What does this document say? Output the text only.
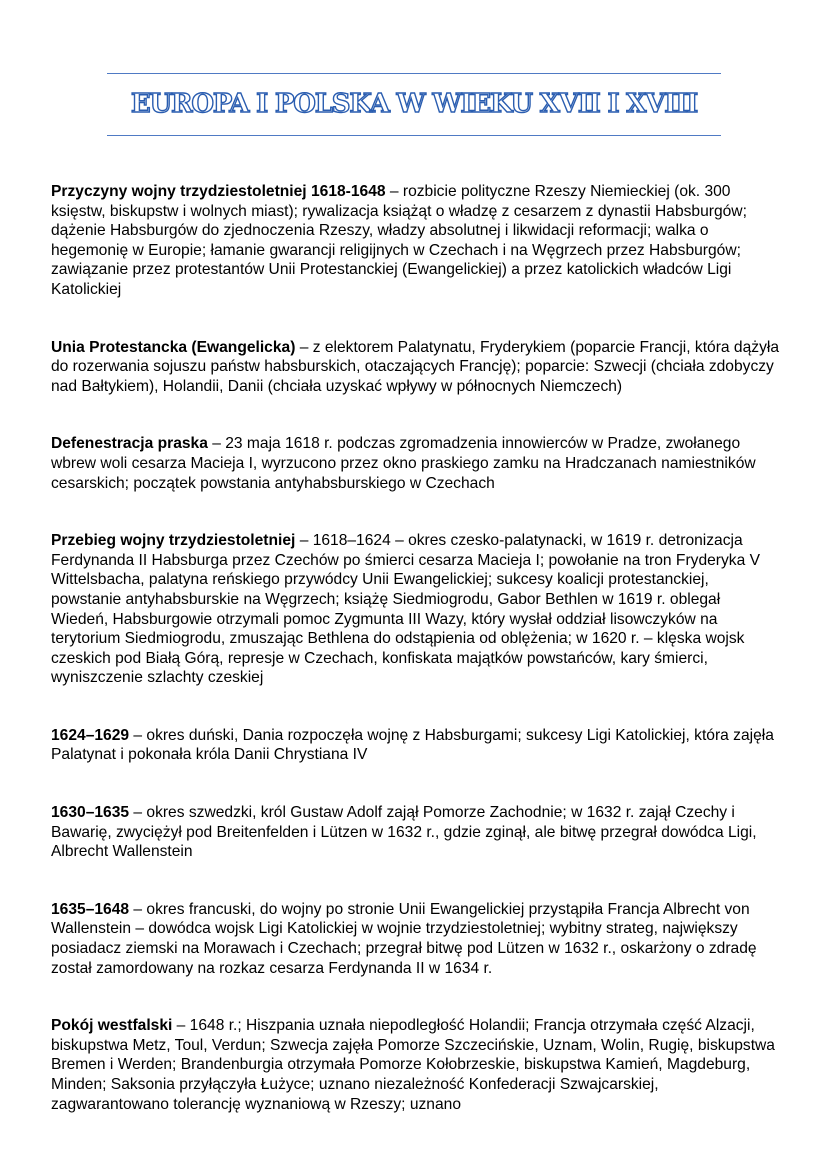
EUROPA I POLSKA W WIEKU XVII I XVIII

Przyczyny wojny trzydziestoletniej 1618-1648 – rozbicie polityczne Rzeszy Niemieckiej (ok. 300 księstw, biskupstw i wolnych miast); rywalizacja książąt o władzę z cesarzem z dynastii Habsburgów; dążenie Habsburgów do zjednoczenia Rzeszy, władzy absolutnej i likwidacji reformacji; walka o hegemonię w Europie; łamanie gwarancji religijnych w Czechach i na Węgrzech przez Habsburgów; zawiązanie przez protestantów Unii Protestanckiej (Ewangelickiej) a przez katolickich władców Ligi Katolickiej

Unia Protestancka (Ewangelicka) – z elektorem Palatynatu, Fryderykiem (poparcie Francji, która dążyła do rozerwania sojuszu państw habsburskich, otaczających Francję); poparcie: Szwecji (chciała zdobyczy nad Bałtykiem), Holandii, Danii (chciała uzyskać wpływy w północnych Niemczech)

Defenestracja praska – 23 maja 1618 r. podczas zgromadzenia innowierców w Pradze, zwołanego wbrew woli cesarza Macieja I, wyrzucono przez okno praskiego zamku na Hradczanach namiestników cesarskich; początek powstania antyhabsburskiego w Czechach

Przebieg wojny trzydziestoletniej – 1618–1624 – okres czesko-palatynacki, w 1619 r. detronizacja Ferdynanda II Habsburga przez Czechów po śmierci cesarza Macieja I; powołanie na tron Fryderyka V Wittelsbacha, palatyna reńskiego przywódcy Unii Ewangelickiej; sukcesy koalicji protestanckiej, powstanie antyhabsburskie na Węgrzech; książę Siedmiogrodu, Gabor Bethlen w 1619 r. oblegał Wiedeń, Habsburgowie otrzymali pomoc Zygmunta III Wazy, który wysłał oddział lisowczyków na terytorium Siedmiogrodu, zmuszając Bethlena do odstąpienia od oblężenia; w 1620 r. – klęska wojsk czeskich pod Białą Górą, represje w Czechach, konfiskata majątków powstańców, kary śmierci, wyniszczenie szlachty czeskiej

1624–1629 – okres duński, Dania rozpoczęła wojnę z Habsburgami; sukcesy Ligi Katolickiej, która zajęła Palatynat i pokonała króla Danii Chrystiana IV

1630–1635 – okres szwedzki, król Gustaw Adolf zajął Pomorze Zachodnie; w 1632 r. zajął Czechy i Bawarię, zwyciężył pod Breitenfelden i Lützen w 1632 r., gdzie zginął, ale bitwę przegrał dowódca Ligi, Albrecht Wallenstein

1635–1648 – okres francuski, do wojny po stronie Unii Ewangelickiej przystąpiła Francja Albrecht von Wallenstein – dowódca wojsk Ligi Katolickiej w wojnie trzydziestoletniej; wybitny strateg, największy posiadacz ziemski na Morawach i Czechach; przegrał bitwę pod Lützen w 1632 r., oskarżony o zdradę został zamordowany na rozkaz cesarza Ferdynanda II w 1634 r.

Pokój westfalski – 1648 r.; Hiszpania uznała niepodległość Holandii; Francja otrzymała część Alzacji, biskupstwa Metz, Toul, Verdun; Szwecja zajęła Pomorze Szczecińskie, Uznam, Wolin, Rugię, biskupstwa Bremen i Werden; Brandenburgia otrzymała Pomorze Kołobrzeskie, biskupstwa Kamień, Magdeburg, Minden; Saksonia przyłączyła Łużyce; uznano niezależność Konfederacji Szwajcarskiej, zagwarantowano tolerancję wyznaniową w Rzeszy; uznano
